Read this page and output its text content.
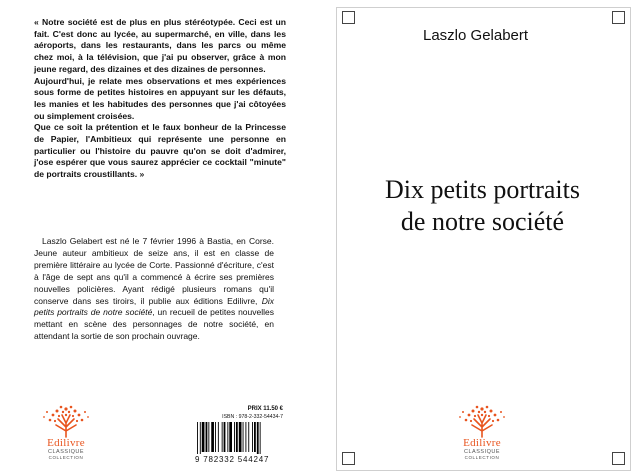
« Notre société est de plus en plus stéréotypée. Ceci est un fait. C'est donc au lycée, au supermarché, en ville, dans les aéroports, dans les restaurants, dans les parcs ou même chez moi, à la télévision, que j'ai pu observer, grâce à mon jeune regard, des dizaines et des dizaines de personnes.

Aujourd'hui, je relate mes observations et mes expériences sous forme de petites histoires en appuyant sur les défauts, les manies et les habitudes des personnes que j'ai côtoyées ou simplement croisées.

Que ce soit la prétention et le faux bonheur de la Princesse de Papier, l'Ambitieux qui représente une personne en particulier ou l'histoire du pauvre qu'on se doit d'admirer, j'ose espérer que vous saurez apprécier ce cocktail "minute" de portraits croustillants. »

Laszlo Gelabert est né le 7 février 1996 à Bastia, en Corse. Jeune auteur ambitieux de seize ans, il est en classe de première littéraire au lycée de Corte. Passionné d'écriture, c'est à l'âge de sept ans qu'il a commencé à écrire ses premières nouvelles policières. Ayant rédigé plusieurs romans qu'il conserve dans ses tiroirs, il publie aux éditions Edilivre, Dix petits portraits de notre société, un recueil de petites nouvelles mettant en scène des personnages de notre société, en attendant la sortie de son prochain ouvrage.

Edilivre
CLASSIQUE
COLLECTION
PRIX 11.50 €
ISBN : 978-2-332-54434-7
9 782332 544247
Laszlo Gelabert
Dix petits portraits
de notre société
Edilivre
CLASSIQUE
COLLECTION
